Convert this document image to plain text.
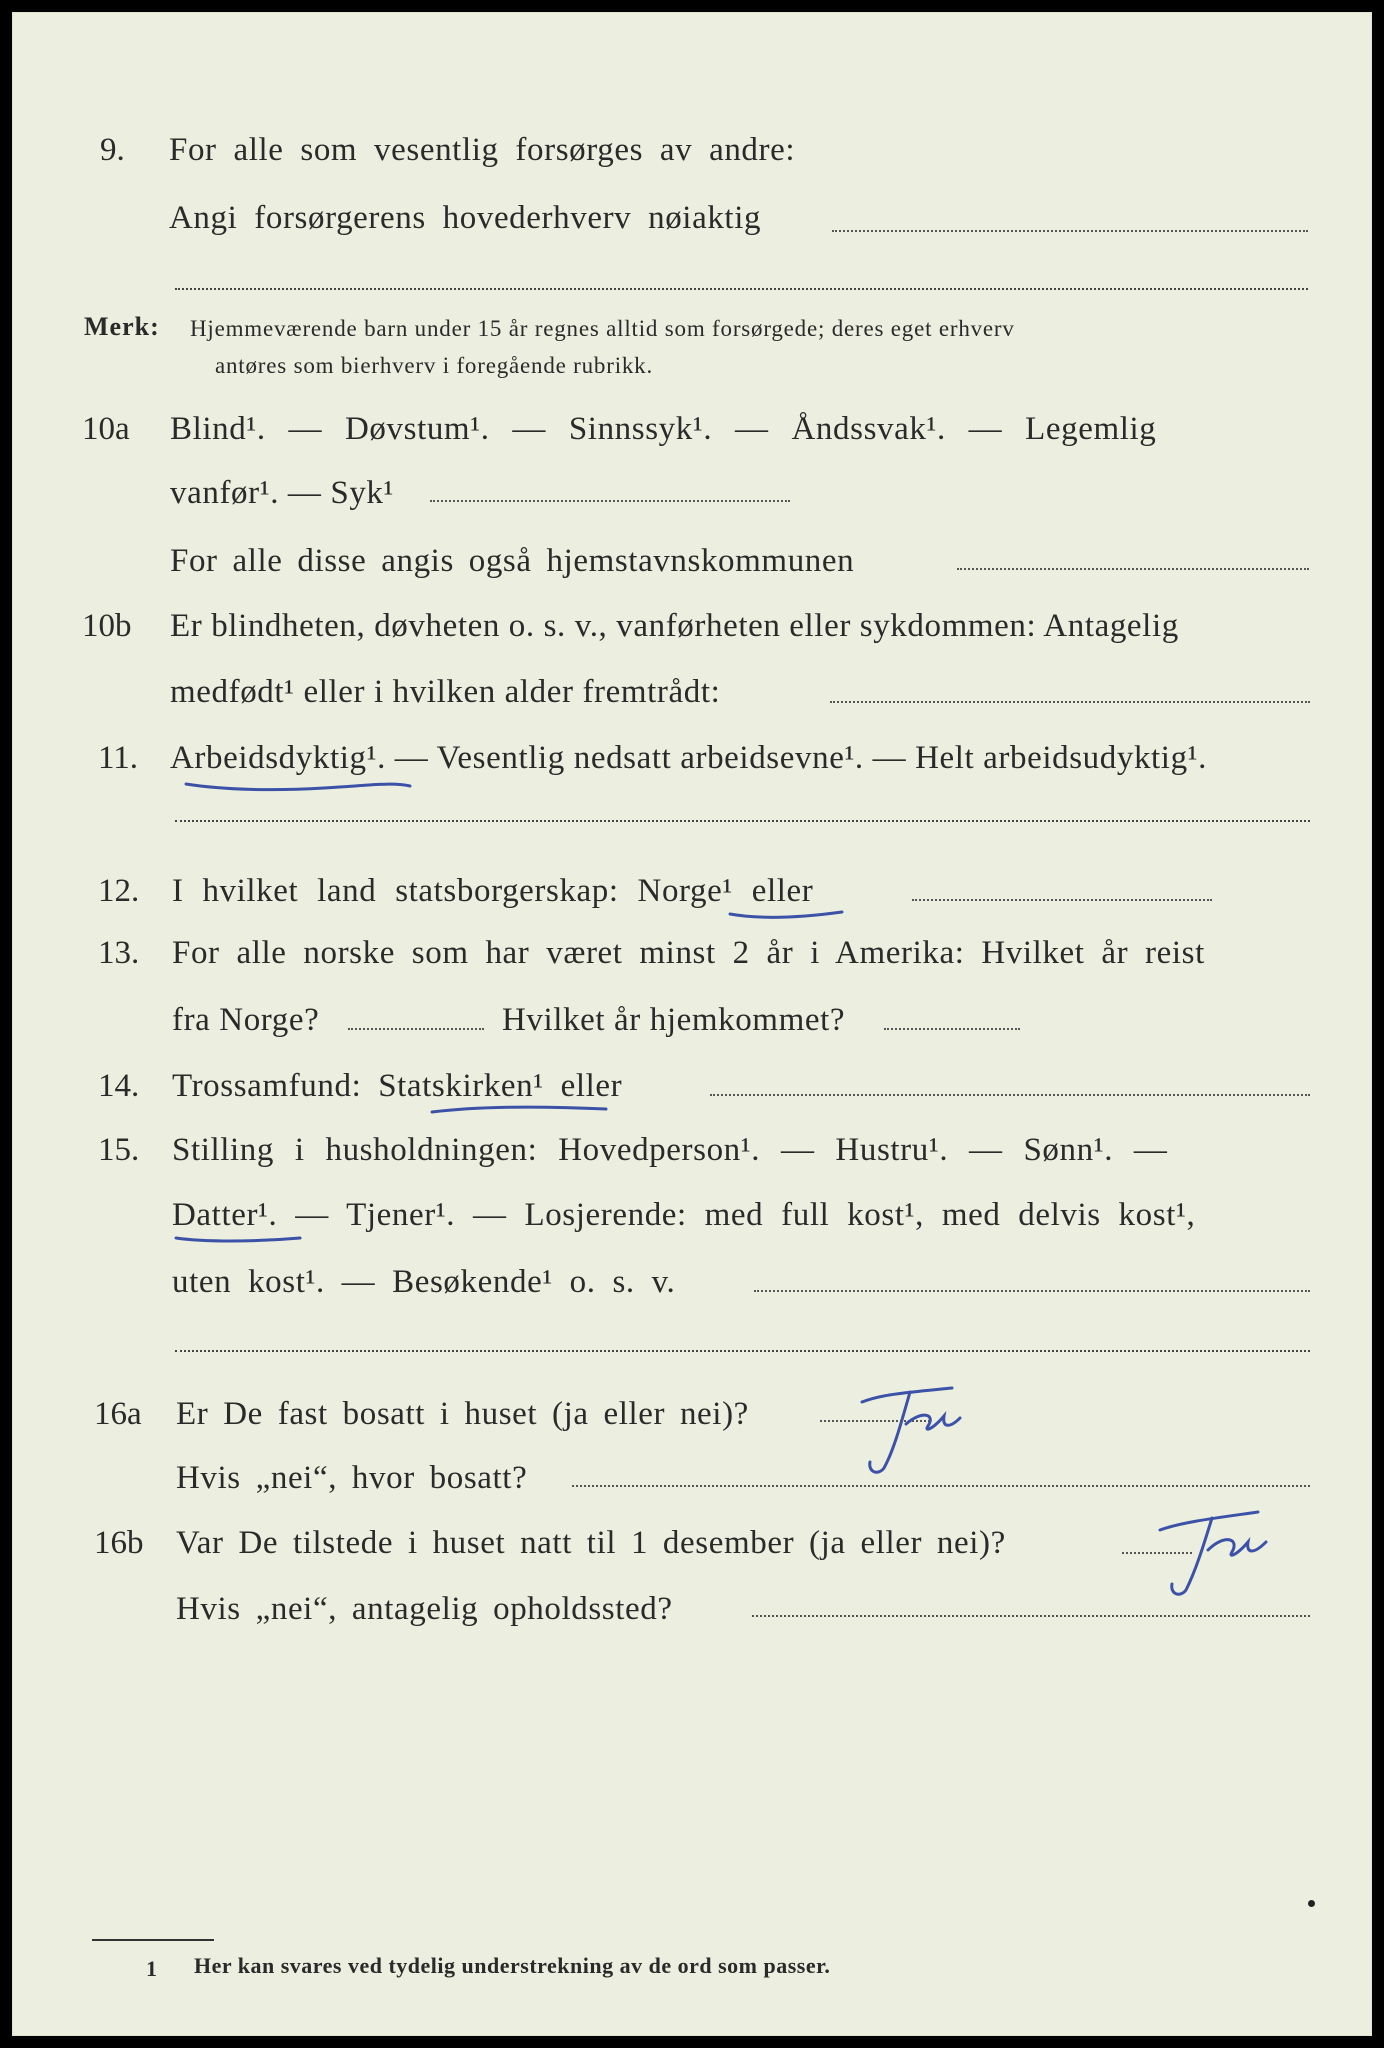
9. For alle som vesentlig forsørges av andre:
Angi forsørgerens hovederhverv nøiaktig
Merk: Hjemmeværende barn under 15 år regnes alltid som forsørgede; deres eget erhverv
antøres som bierhverv i foregående rubrikk.
10a Blind¹. — Døvstum¹. — Sinnssyk¹. — Åndssvak¹. — Legemlig
vanfør¹. — Syk¹
For alle disse angis også hjemstavnskommunen
10b Er blindheten, døvheten o. s. v., vanførheten eller sykdommen: Antagelig
medfødt¹ eller i hvilken alder fremtrådt:
11. Arbeidsdyktig¹. — Vesentlig nedsatt arbeidsevne¹. — Helt arbeidsudyktig¹.
12. I hvilket land statsborgerskap: Norge¹ eller
13. For alle norske som har været minst 2 år i Amerika: Hvilket år reist
fra Norge?	Hvilket år hjemkommet?
14. Trossamfund: Statskirken¹ eller
15. Stilling i husholdningen: Hovedperson¹. — Hustru¹. — Sønn¹. —
Datter¹. — Tjener¹. — Losjerende: med full kost¹, med delvis kost¹,
uten kost¹. — Besøkende¹ o. s. v.
16a Er De fast bosatt i huset (ja eller nei)?
Hvis „nei“, hvor bosatt?
16b Var De tilstede i huset natt til 1 desember (ja eller nei)?
Hvis „nei“, antagelig opholdssted?
1 Her kan svares ved tydelig understrekning av de ord som passer.
